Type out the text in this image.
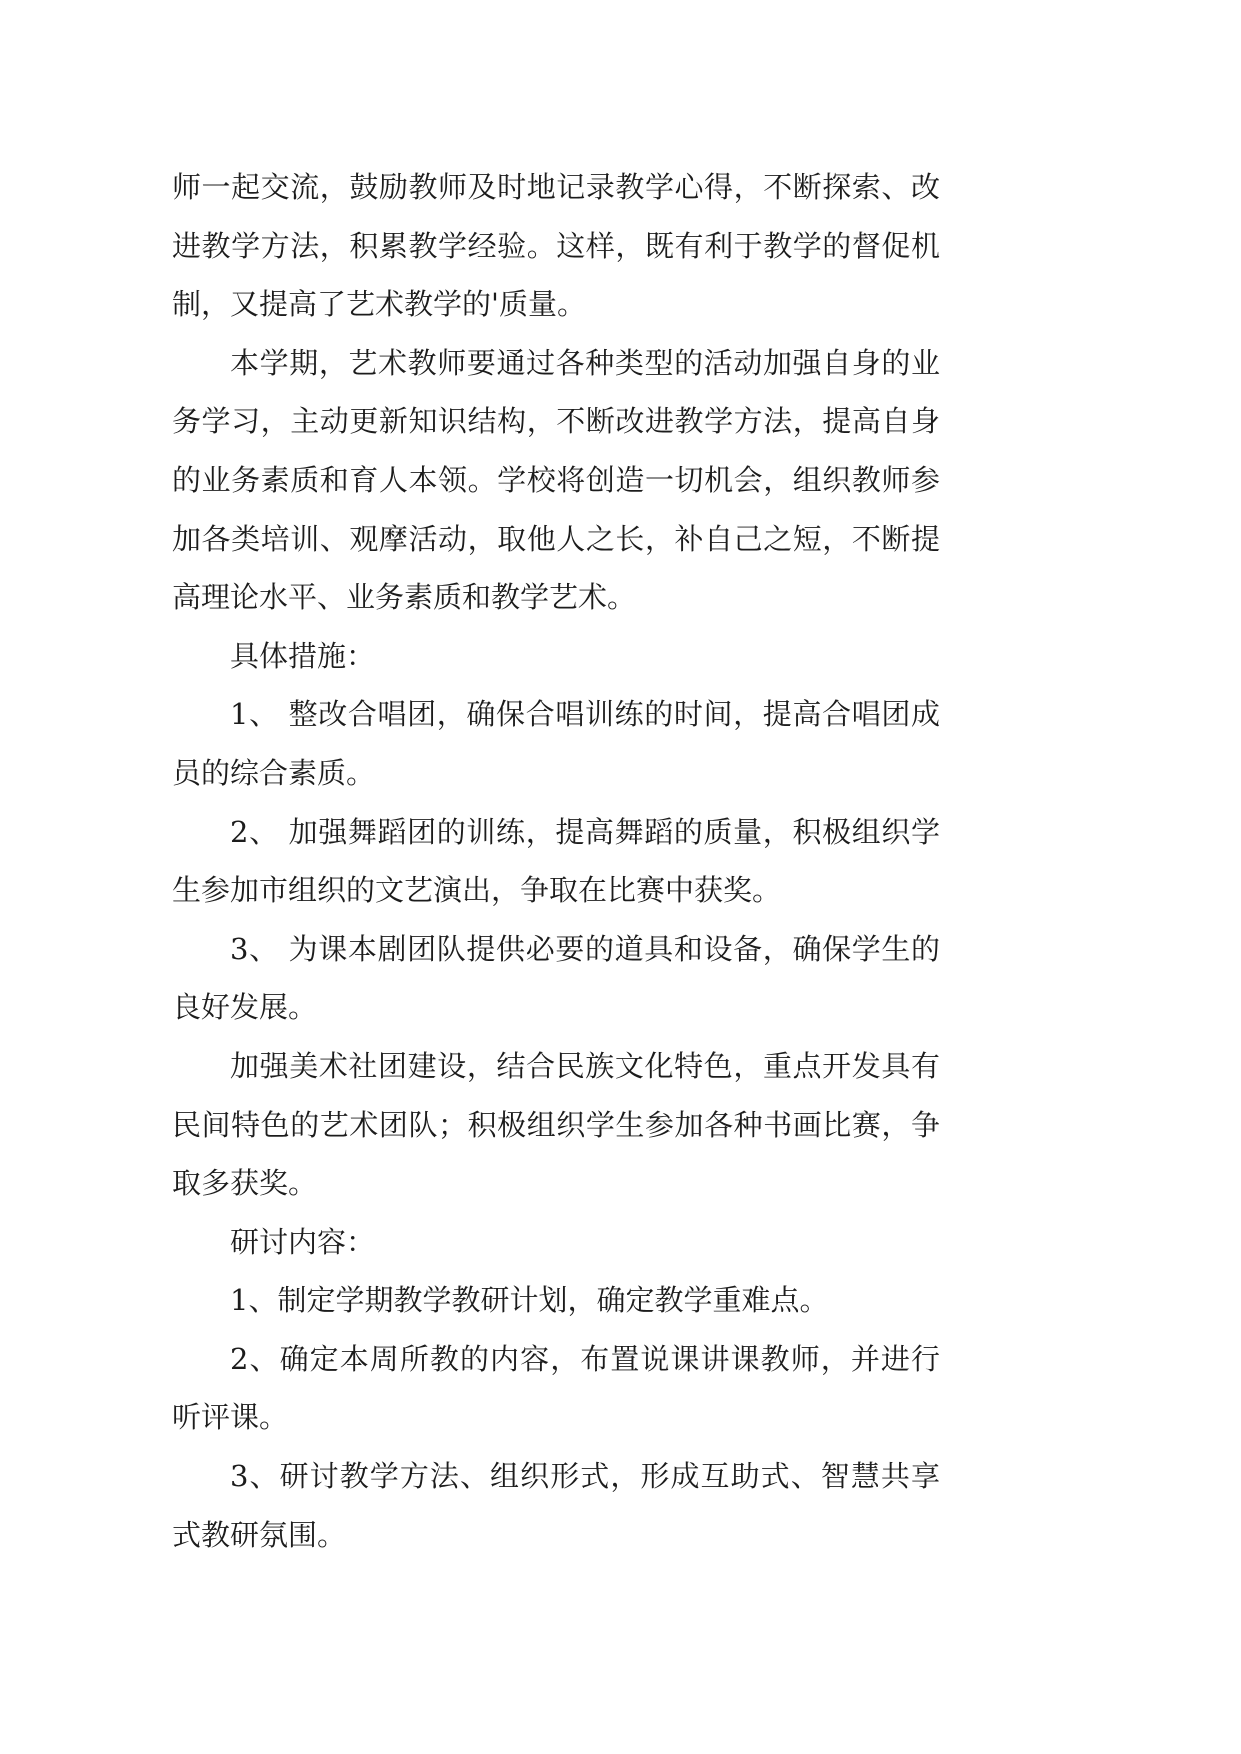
师一起交流，鼓励教师及时地记录教学心得，不断探索、改
进教学方法，积累教学经验。这样，既有利于教学的督促机
制，又提高了艺术教学的'质量。
本学期，艺术教师要通过各种类型的活动加强自身的业
务学习，主动更新知识结构，不断改进教学方法，提高自身
的业务素质和育人本领。学校将创造一切机会，组织教师参
加各类培训、观摩活动，取他人之长，补自己之短，不断提
高理论水平、业务素质和教学艺术。
具体措施：
1、 整改合唱团，确保合唱训练的时间，提高合唱团成
员的综合素质。
2、 加强舞蹈团的训练，提高舞蹈的质量，积极组织学
生参加市组织的文艺演出，争取在比赛中获奖。
3、 为课本剧团队提供必要的道具和设备，确保学生的
良好发展。
加强美术社团建设，结合民族文化特色，重点开发具有
民间特色的艺术团队；积极组织学生参加各种书画比赛，争
取多获奖。
研讨内容：
1、制定学期教学教研计划，确定教学重难点。
2、确定本周所教的内容，布置说课讲课教师，并进行
听评课。
3、研讨教学方法、组织形式，形成互助式、智慧共享
式教研氛围。
